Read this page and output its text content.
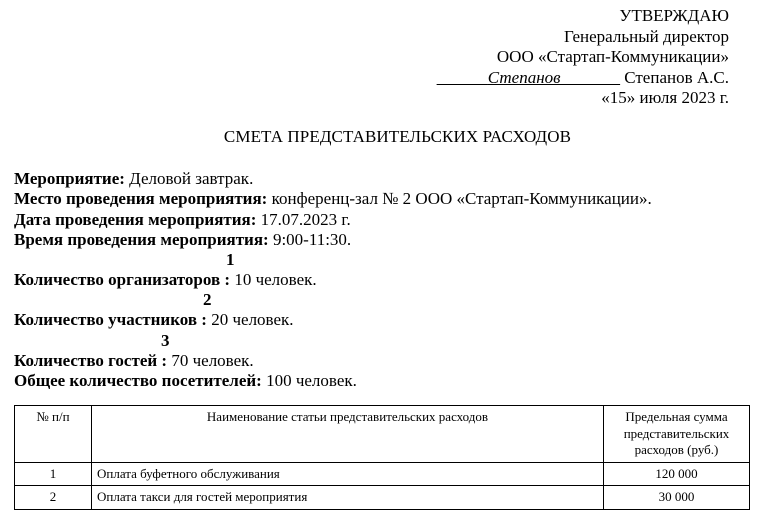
УТВЕРЖДАЮ
Генеральный директор
ООО «Стартап-Коммуникации»
______Степанов_______ Степанов А.С.
«15» июля 2023 г.
СМЕТА ПРЕДСТАВИТЕЛЬСКИХ РАСХОДОВ
Мероприятие: Деловой завтрак.
Место проведения мероприятия: конференц-зал № 2 ООО «Стартап-Коммуникации».
Дата проведения мероприятия: 17.07.2023 г.
Время проведения мероприятия: 9:00-11:30.
1
Количество организаторов : 10 человек.
2
Количество участников : 20 человек.
3
Количество гостей : 70 человек.
Общее количество посетителей: 100 человек.
№ п/п	Наименование статьи представительских расходов	Предельная сумма представительских расходов (руб.)
1	Оплата буфетного обслуживания	120 000
2	Оплата такси для гостей мероприятия	30 000
